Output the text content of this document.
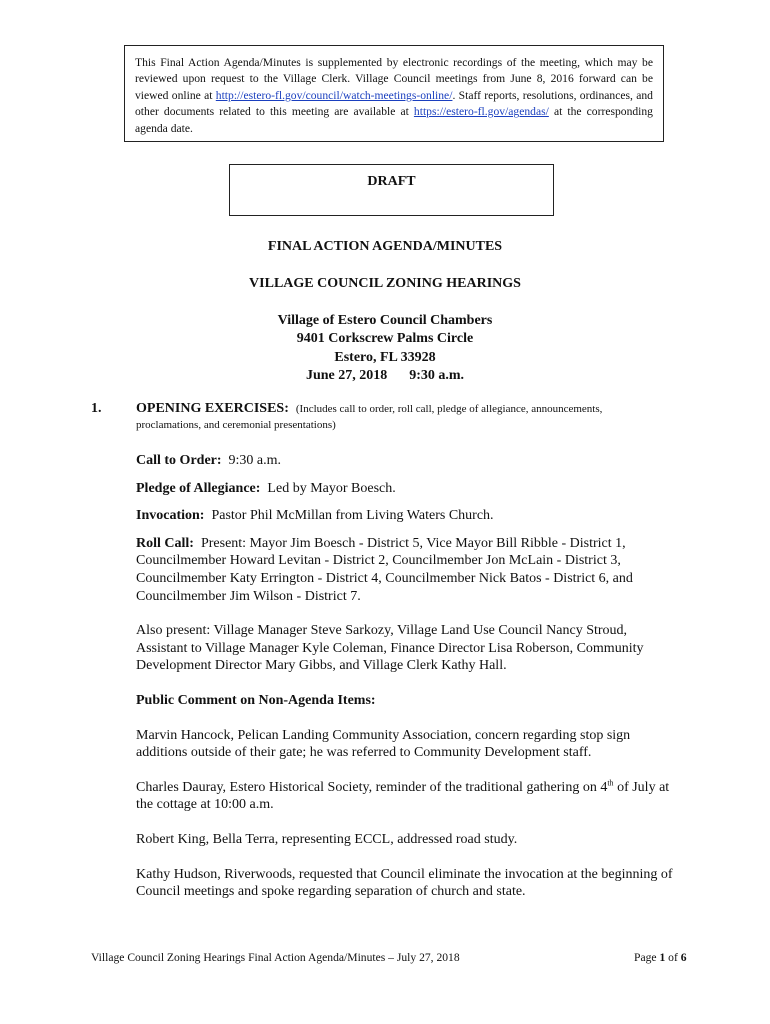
This Final Action Agenda/Minutes is supplemented by electronic recordings of the meeting, which may be reviewed upon request to the Village Clerk. Village Council meetings from June 8, 2016 forward can be viewed online at http://estero-fl.gov/council/watch-meetings-online/. Staff reports, resolutions, ordinances, and other documents related to this meeting are available at https://estero-fl.gov/agendas/ at the corresponding agenda date.
DRAFT
FINAL ACTION AGENDA/MINUTES
VILLAGE COUNCIL ZONING HEARINGS
Village of Estero Council Chambers
9401 Corkscrew Palms Circle
Estero, FL 33928
June 27, 2018 9:30 a.m.
1. OPENING EXERCISES: (Includes call to order, roll call, pledge of allegiance, announcements,
proclamations, and ceremonial presentations)

Call to Order: 9:30 a.m.

Pledge of Allegiance: Led by Mayor Boesch.

Invocation: Pastor Phil McMillan from Living Waters Church.

Roll Call: Present: Mayor Jim Boesch - District 5, Vice Mayor Bill Ribble - District 1, Councilmember Howard Levitan - District 2, Councilmember Jon McLain - District 3, Councilmember Katy Errington - District 4, Councilmember Nick Batos - District 6, and Councilmember Jim Wilson - District 7.

Also present: Village Manager Steve Sarkozy, Village Land Use Council Nancy Stroud, Assistant to Village Manager Kyle Coleman, Finance Director Lisa Roberson, Community Development Director Mary Gibbs, and Village Clerk Kathy Hall.

Public Comment on Non-Agenda Items:

Marvin Hancock, Pelican Landing Community Association, concern regarding stop sign additions outside of their gate; he was referred to Community Development staff.

Charles Dauray, Estero Historical Society, reminder of the traditional gathering on 4th of July at the cottage at 10:00 a.m.

Robert King, Bella Terra, representing ECCL, addressed road study.

Kathy Hudson, Riverwoods, requested that Council eliminate the invocation at the beginning of Council meetings and spoke regarding separation of church and state.

Village Council Zoning Hearings Final Action Agenda/Minutes – July 27, 2018	Page 1 of 6
